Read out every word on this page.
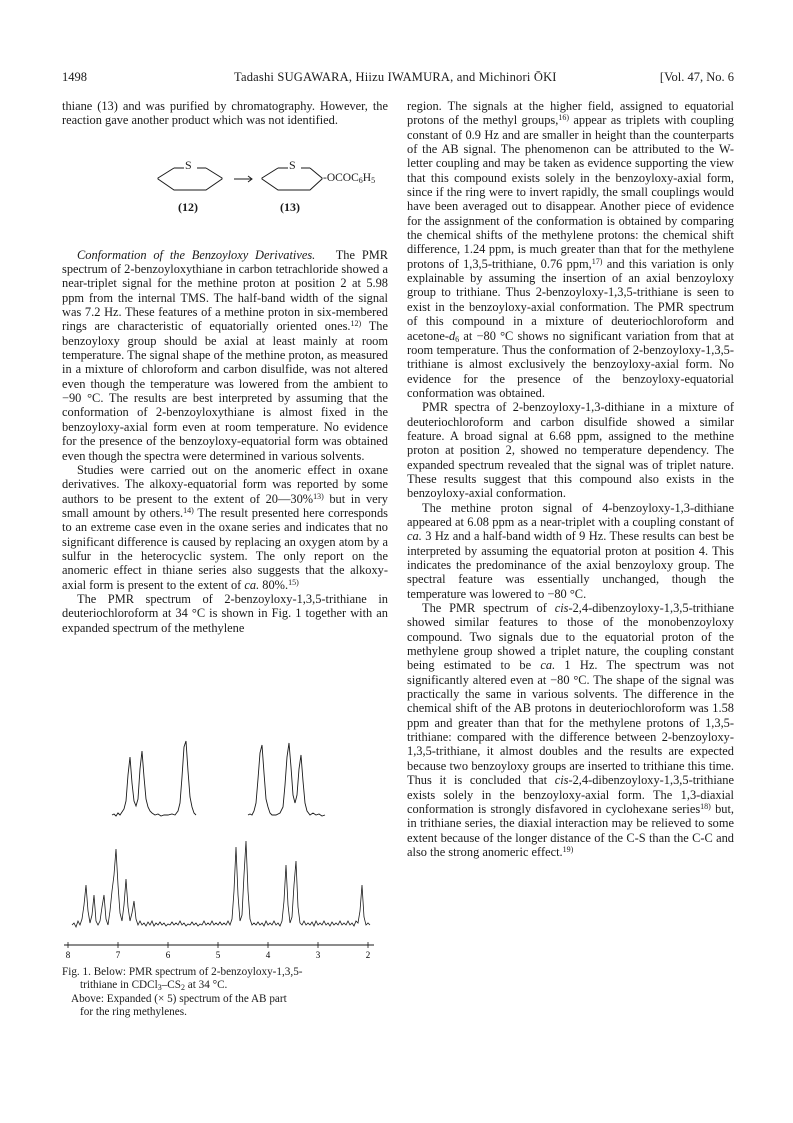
1498	Tadashi SUGAWARA, Hiizu IWAMURA, and Michinori ŌKI	[Vol. 47, No. 6

thiane (13) and was purified by chromatography. However, the reaction gave another product which was not identified.

Conformation of the Benzoyloxy Derivatives. The PMR spectrum of 2-benzoyloxythiane in carbon tetrachloride showed a near-triplet signal for the methine proton at position 2 at 5.98 ppm from the internal TMS. The half-band width of the signal was 7.2 Hz. These features of a methine proton in six-membered rings are characteristic of equatorially oriented ones.$^{12)}$ The benzoyloxy group should be axial at least mainly at room temperature. The signal shape of the methine proton, as measured in a mixture of chloroform and carbon disulfide, was not altered even though the temperature was lowered from the ambient to −90 °C. The results are best interpreted by assuming that the conformation of 2-benzoyloxythiane is almost fixed in the benzoyloxy-axial form even at room temperature. No evidence for the presence of the benzoyloxy-equatorial form was obtained even though the spectra were determined in various solvents.

Studies were carried out on the anomeric effect in oxane derivatives. The alkoxy-equatorial form was reported by some authors to be present to the extent of 20—30%$^{13)}$ but in very small amount by others.$^{14)}$ The result presented here corresponds to an extreme case even in the oxane series and indicates that no significant difference is caused by replacing an oxygen atom by a sulfur in the heterocyclic system. The only report on the anomeric effect in thiane series also suggests that the alkoxy-axial form is present to the extent of ca. 80%.$^{15)}$

The PMR spectrum of 2-benzoyloxy-1,3,5-trithiane in deuteriochloroform at 34 °C is shown in Fig. 1 together with an expanded spectrum of the methylene

S	S
$-OCOC_6H_5$
(12)	(13)
8	7	6	5	4	3	2
Fig. 1. Below: PMR spectrum of 2-benzoyloxy-1,3,5-
trithiane in $CDCl_3-CS_2$ at 34 °C.
Above: Expanded (× 5) spectrum of the AB part
for the ring methylenes.

region. The signals at the higher field, assigned to equatorial protons of the methyl groups,$^{16)}$ appear as triplets with coupling constant of 0.9 Hz and are smaller in height than the counterparts of the AB signal. The phenomenon can be attributed to the W-letter coupling and may be taken as evidence supporting the view that this compound exists solely in the benzoyloxy-axial form, since if the ring were to invert rapidly, the small couplings would have been averaged out to disappear. Another piece of evidence for the assignment of the conformation is obtained by comparing the chemical shifts of the methylene protons: the chemical shift difference, 1.24 ppm, is much greater than that for the methylene protons of 1,3,5-trithiane, 0.76 ppm,$^{17)}$ and this variation is only explainable by assuming the insertion of an axial benzoyloxy group to trithiane. Thus 2-benzoyloxy-1,3,5-trithiane is seen to exist in the benzoyloxy-axial conformation. The PMR spectrum of this compound in a mixture of deuteriochloroform and acetone-$d_6$ at −80 °C shows no significant variation from that at room temperature. Thus the conformation of 2-benzoyloxy-1,3,5-trithiane is almost exclusively the benzoyloxy-axial form. No evidence for the presence of the benzoyloxy-equatorial conformation was obtained.

PMR spectra of 2-benzoyloxy-1,3-dithiane in a mixture of deuteriochloroform and carbon disulfide showed a similar feature. A broad signal at 6.68 ppm, assigned to the methine proton at position 2, showed no temperature dependency. The expanded spectrum revealed that the signal was of triplet nature. These results suggest that this compound also exists in the benzoyloxy-axial conformation.

The methine proton signal of 4-benzoyloxy-1,3-dithiane appeared at 6.08 ppm as a near-triplet with a coupling constant of ca. 3 Hz and a half-band width of 9 Hz. These results can best be interpreted by assuming the equatorial proton at position 4. This indicates the predominance of the axial benzoyloxy group. The spectral feature was essentially unchanged, though the temperature was lowered to −80 °C.

The PMR spectrum of cis-2,4-dibenzoyloxy-1,3,5-trithiane showed similar features to those of the monobenzoyloxy compound. Two signals due to the equatorial proton of the methylene group showed a triplet nature, the coupling constant being estimated to be ca. 1 Hz. The spectrum was not significantly altered even at −80 °C. The shape of the signal was practically the same in various solvents. The difference in the chemical shift of the AB protons in deuteriochloroform was 1.58 ppm and greater than that for the methylene protons of 1,3,5-trithiane: compared with the difference between 2-benzoyloxy-1,3,5-trithiane, it almost doubles and the results are expected because two benzoyloxy groups are inserted to trithiane this time. Thus it is concluded that cis-2,4-dibenzoyloxy-1,3,5-trithiane exists solely in the benzoyloxy-axial form. The 1,3-diaxial conformation is strongly disfavored in cyclohexane series$^{18)}$ but, in trithiane series, the diaxial interaction may be relieved to some extent because of the longer distance of the C-S than the C-C and also the strong anomeric effect.$^{19)}$
